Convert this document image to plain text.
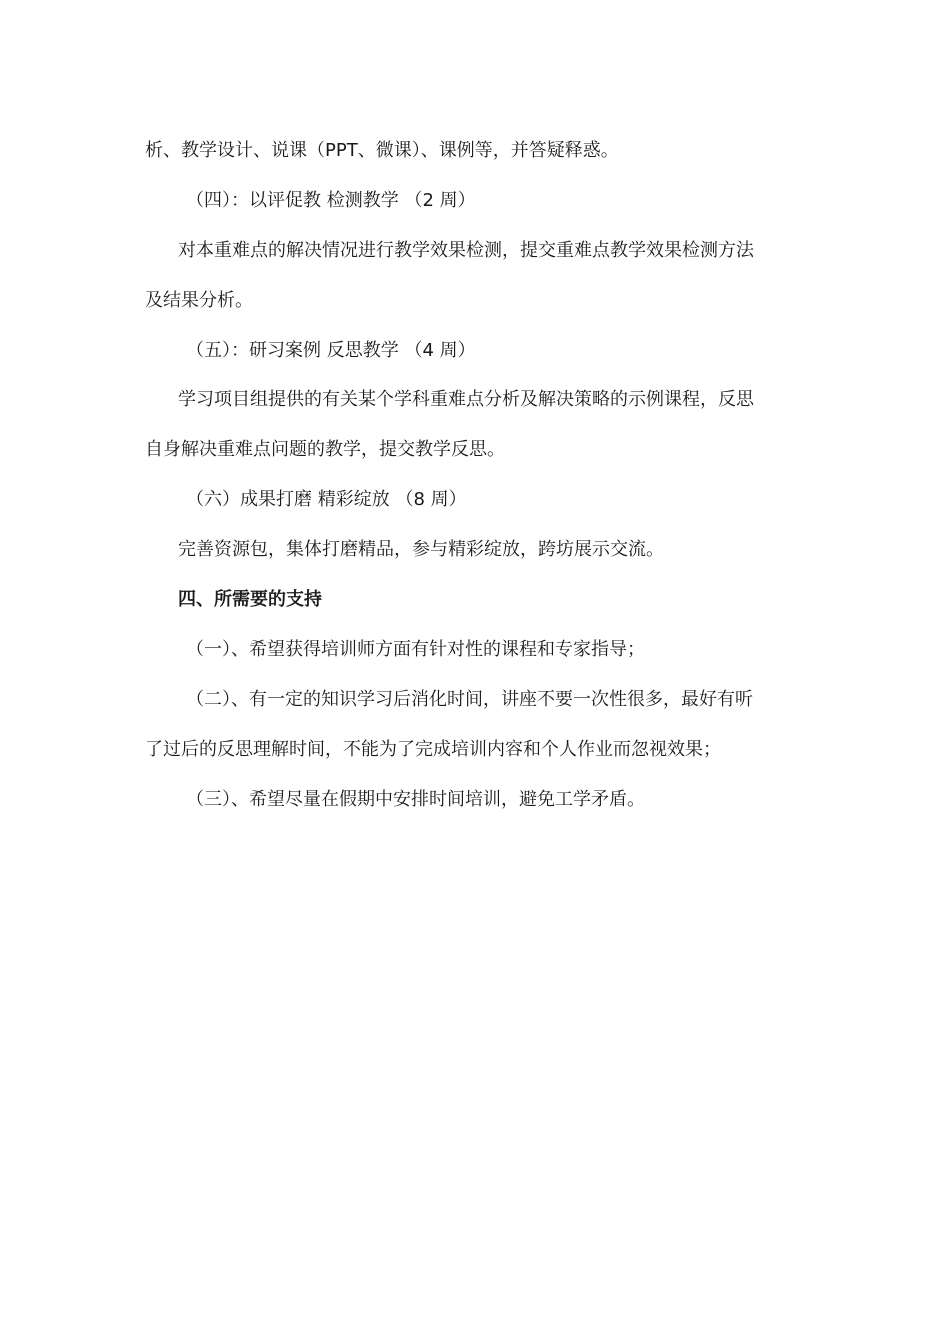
析、教学设计、说课（PPT、微课）、课例等，并答疑释惑。
（四）：以评促教 检测教学 （2 周）
对本重难点的解决情况进行教学效果检测，提交重难点教学效果检测方法
及结果分析。
（五）：研习案例 反思教学 （4 周）
学习项目组提供的有关某个学科重难点分析及解决策略的示例课程，反思
自身解决重难点问题的教学，提交教学反思。
（六）成果打磨 精彩绽放 （8 周）
完善资源包，集体打磨精品，参与精彩绽放，跨坊展示交流。
四、所需要的支持
（一）、希望获得培训师方面有针对性的课程和专家指导；
（二）、有一定的知识学习后消化时间，讲座不要一次性很多，最好有听
了过后的反思理解时间，不能为了完成培训内容和个人作业而忽视效果；
（三）、希望尽量在假期中安排时间培训，避免工学矛盾。
